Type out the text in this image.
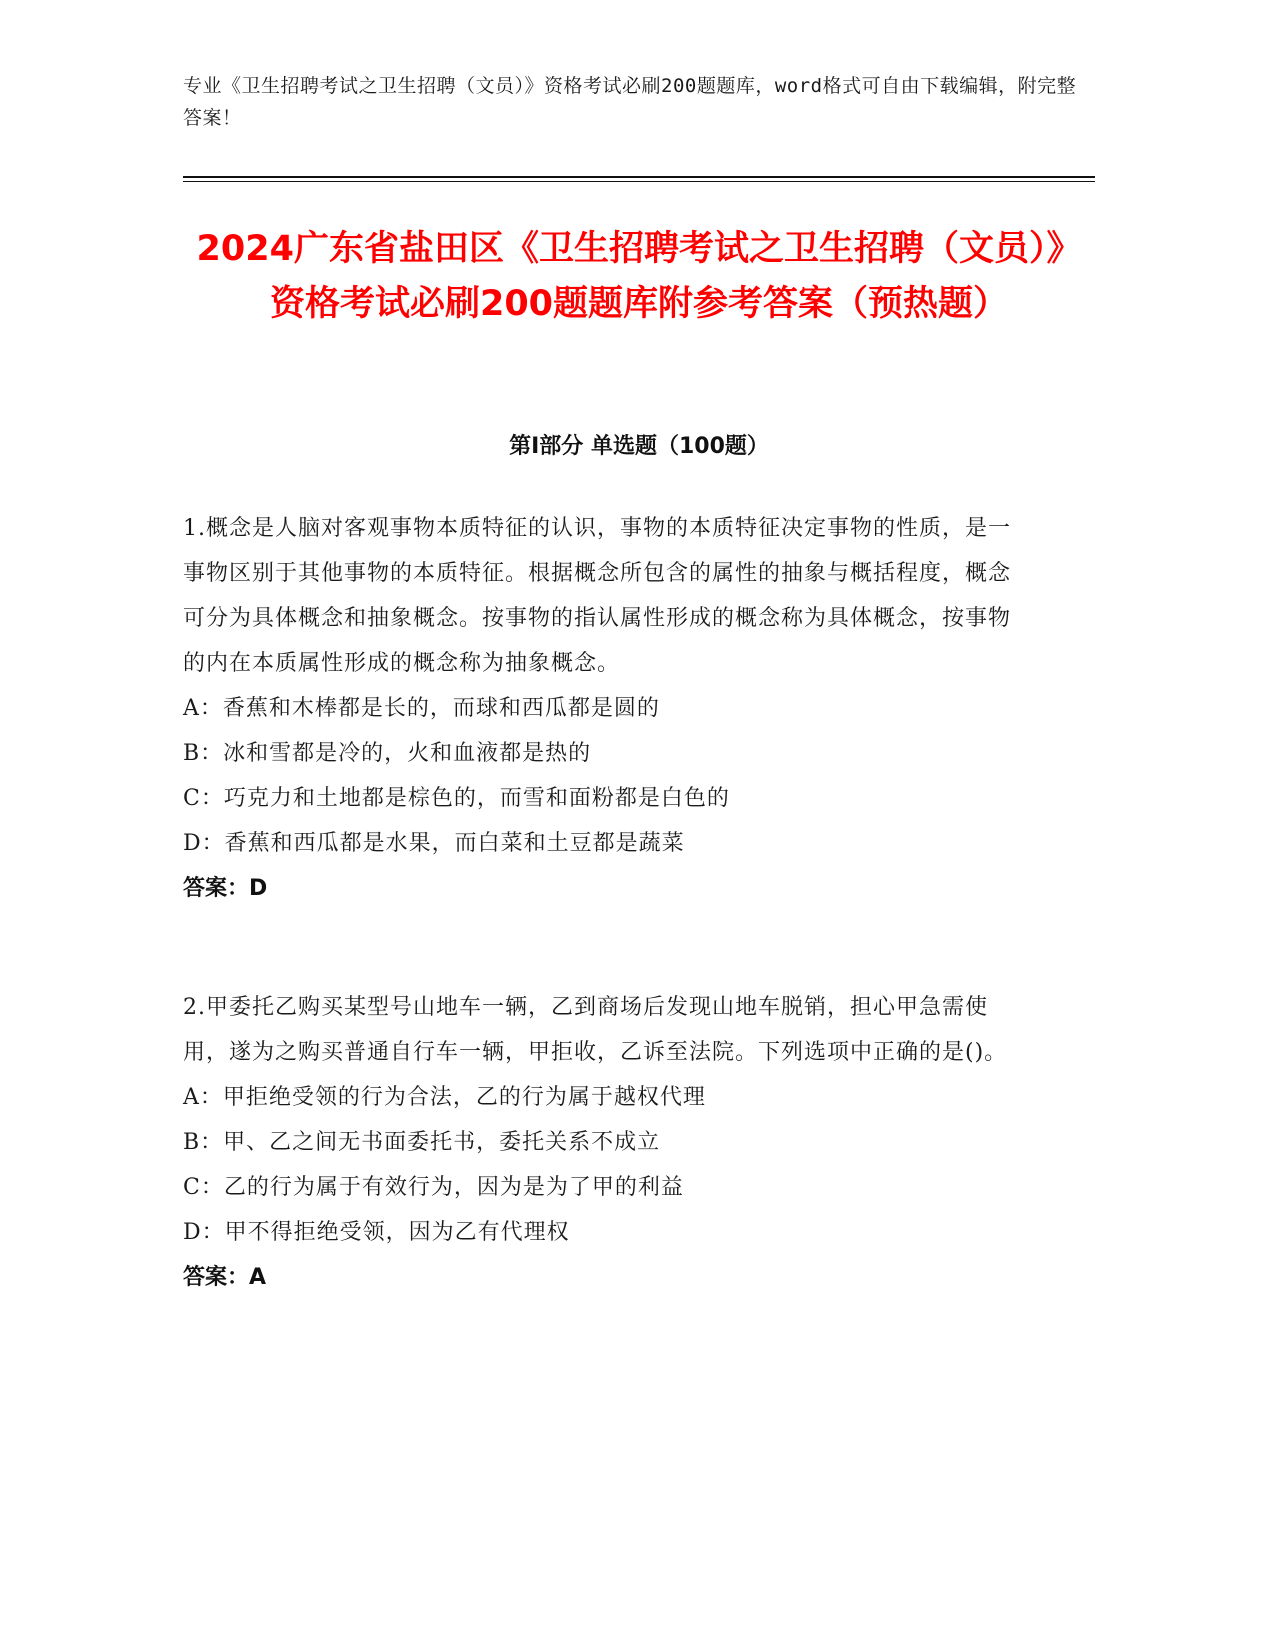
专业《卫生招聘考试之卫生招聘（文员）》资格考试必刷200题题库，word格式可自由下载编辑，附完整答案！
2024广东省盐田区《卫生招聘考试之卫生招聘（文员）》资格考试必刷200题题库附参考答案（预热题）
第I部分 单选题（100题）

1.概念是人脑对客观事物本质特征的认识，事物的本质特征决定事物的性质，是一事物区别于其他事物的本质特征。根据概念所包含的属性的抽象与概括程度，概念可分为具体概念和抽象概念。按事物的指认属性形成的概念称为具体概念，按事物的内在本质属性形成的概念称为抽象概念。

A：香蕉和木棒都是长的，而球和西瓜都是圆的

B：冰和雪都是冷的，火和血液都是热的

C：巧克力和土地都是棕色的，而雪和面粉都是白色的

D：香蕉和西瓜都是水果，而白菜和土豆都是蔬菜

答案：D

2.甲委托乙购买某型号山地车一辆，乙到商场后发现山地车脱销，担心甲急需使用，遂为之购买普通自行车一辆，甲拒收，乙诉至法院。下列选项中正确的是()。

A：甲拒绝受领的行为合法，乙的行为属于越权代理

B：甲、乙之间无书面委托书，委托关系不成立

C：乙的行为属于有效行为，因为是为了甲的利益

D：甲不得拒绝受领，因为乙有代理权

答案：A
